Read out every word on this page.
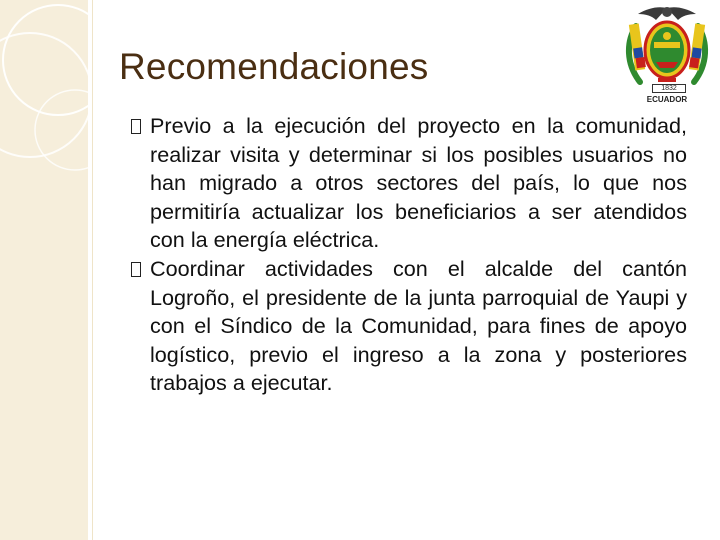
Recomendaciones
1832
ECUADOR
Previo a la ejecución del proyecto en la comunidad, realizar visita y determinar si los posibles usuarios no han migrado a otros sectores del país, lo que nos permitiría actualizar los beneficiarios a ser atendidos con la energía eléctrica.
Coordinar actividades con el alcalde del cantón Logroño, el presidente de la junta parroquial de Yaupi y con el Síndico de la Comunidad, para fines de apoyo logístico, previo el ingreso a la zona y posteriores trabajos a ejecutar.
